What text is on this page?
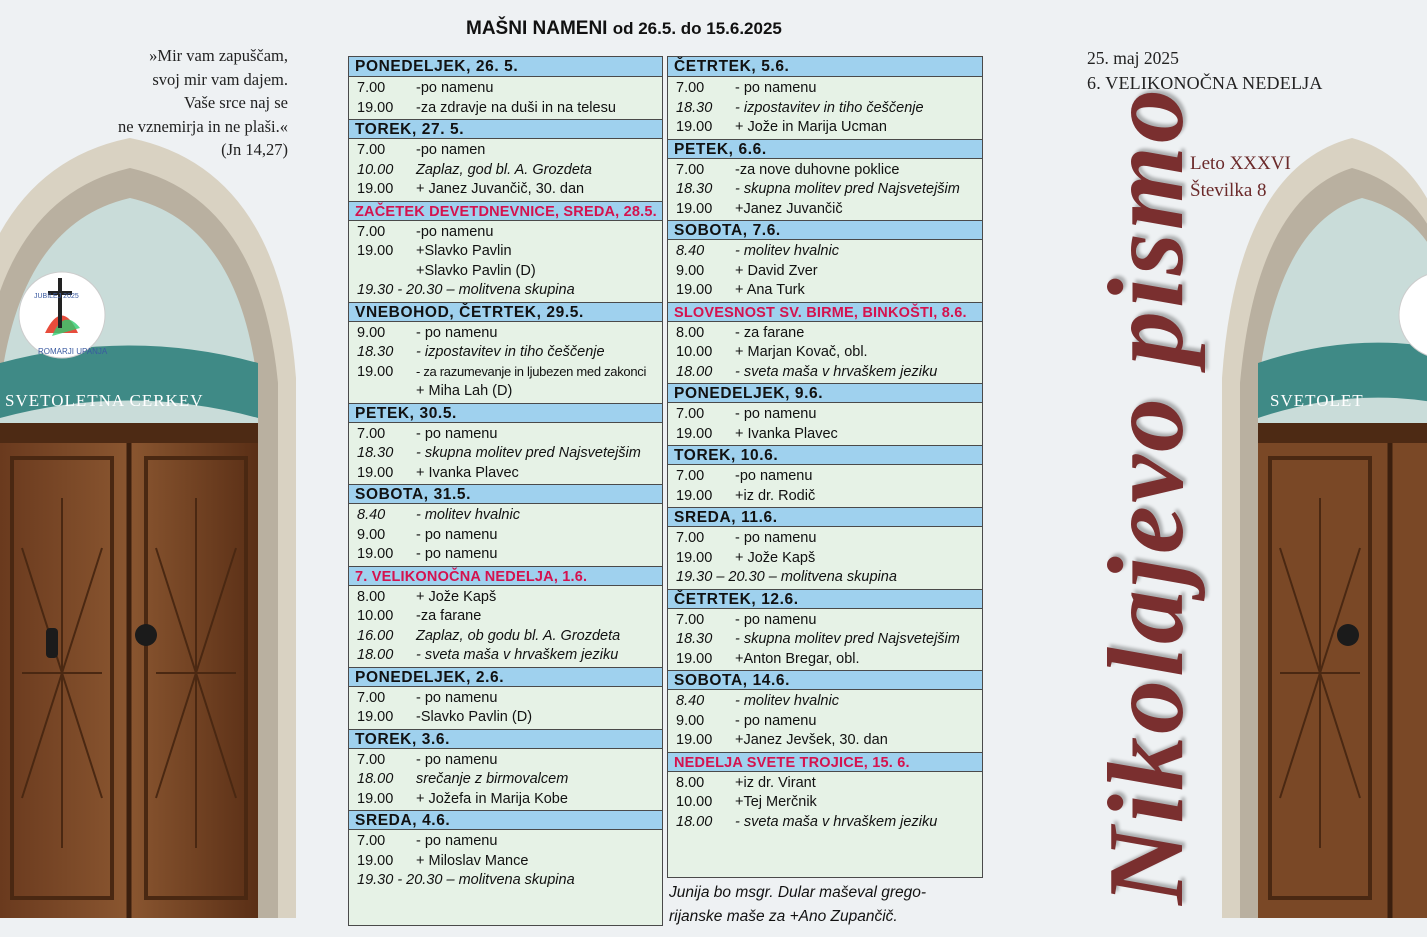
SVETOLETNA CERKEV
JUBILEJ 2025
ROMARJI UPANJA
»Mir vam zapuščam,
svoj mir vam dajem.
Vaše srce naj se
ne vznemirja in ne plaši.«
(Jn 14,27)
MAŠNI NAMENI od 26.5. do 15.6.2025
PONEDELJEK, 26. 5.
7.00 -po namenu
19.00 -za zdravje na duši in na telesu
TOREK, 27. 5.
7.00 -po namen
10.00 Zaplaz, god bl. A. Grozdeta
19.00 + Janez Juvančič, 30. dan
ZAČETEK DEVETDNEVNICE, SREDA, 28.5.
7.00 -po namenu
19.00 +Slavko Pavlin
+Slavko Pavlin (D)
19.30 - 20.30 – molitvena skupina
VNEBOHOD, ČETRTEK, 29.5.
9.00 - po namenu
18.30 - izpostavitev in tiho češčenje
19.00 - za razumevanje in ljubezen med zakonci
+ Miha Lah (D)
PETEK, 30.5.
7.00 - po namenu
18.30 - skupna molitev pred Najsvetejšim
19.00 + Ivanka Plavec
SOBOTA, 31.5.
8.40 - molitev hvalnic
9.00 - po namenu
19.00 - po namenu
7. VELIKONOČNA NEDELJA, 1.6.
8.00 + Jože Kapš
10.00 -za farane
16.00 Zaplaz, ob godu bl. A. Grozdeta
18.00 - sveta maša v hrvaškem jeziku
PONEDELJEK, 2.6.
7.00 - po namenu
19.00 -Slavko Pavlin (D)
TOREK, 3.6.
7.00 - po namenu
18.00 srečanje z birmovalcem
19.00 + Jožefa in Marija Kobe
SREDA, 4.6.
7.00 - po namenu
19.00 + Miloslav Mance
19.30 - 20.30 – molitvena skupina
ČETRTEK, 5.6.
7.00 - po namenu
18.30 - izpostavitev in tiho češčenje
19.00 + Jože in Marija Ucman
PETEK, 6.6.
7.00 -za nove duhovne poklice
18.30 - skupna molitev pred Najsvetejšim
19.00 +Janez Juvančič
SOBOTA, 7.6.
8.40 - molitev hvalnic
9.00 + David Zver
19.00 + Ana Turk
SLOVESNOST SV. BIRME, BINKOŠTI, 8.6.
8.00 - za farane
10.00 + Marjan Kovač, obl.
18.00 - sveta maša v hrvaškem jeziku
PONEDELJEK, 9.6.
7.00 - po namenu
19.00 + Ivanka Plavec
TOREK, 10.6.
7.00 -po namenu
19.00 +iz dr. Rodič
SREDA, 11.6.
7.00 - po namenu
19.00 + Jože Kapš
19.30 – 20.30 – molitvena skupina
ČETRTEK, 12.6.
7.00 - po namenu
18.30 - skupna molitev pred Najsvetejšim
19.00 +Anton Bregar, obl.
SOBOTA, 14.6.
8.40 - molitev hvalnic
9.00 - po namenu
19.00 +Janez Jevšek, 30. dan
NEDELJA SVETE TROJICE, 15. 6.
8.00 +iz dr. Virant
10.00 +Tej Merčnik
18.00 - sveta maša v hrvaškem jeziku
Junija bo msgr. Dular maševal grego-
rijanske maše za +Ano Zupančič.
25. maj 2025
6. VELIKONOČNA NEDELJA
Leto XXXVI
Številka 8
Nikolajevo pismo	SVETOLET
